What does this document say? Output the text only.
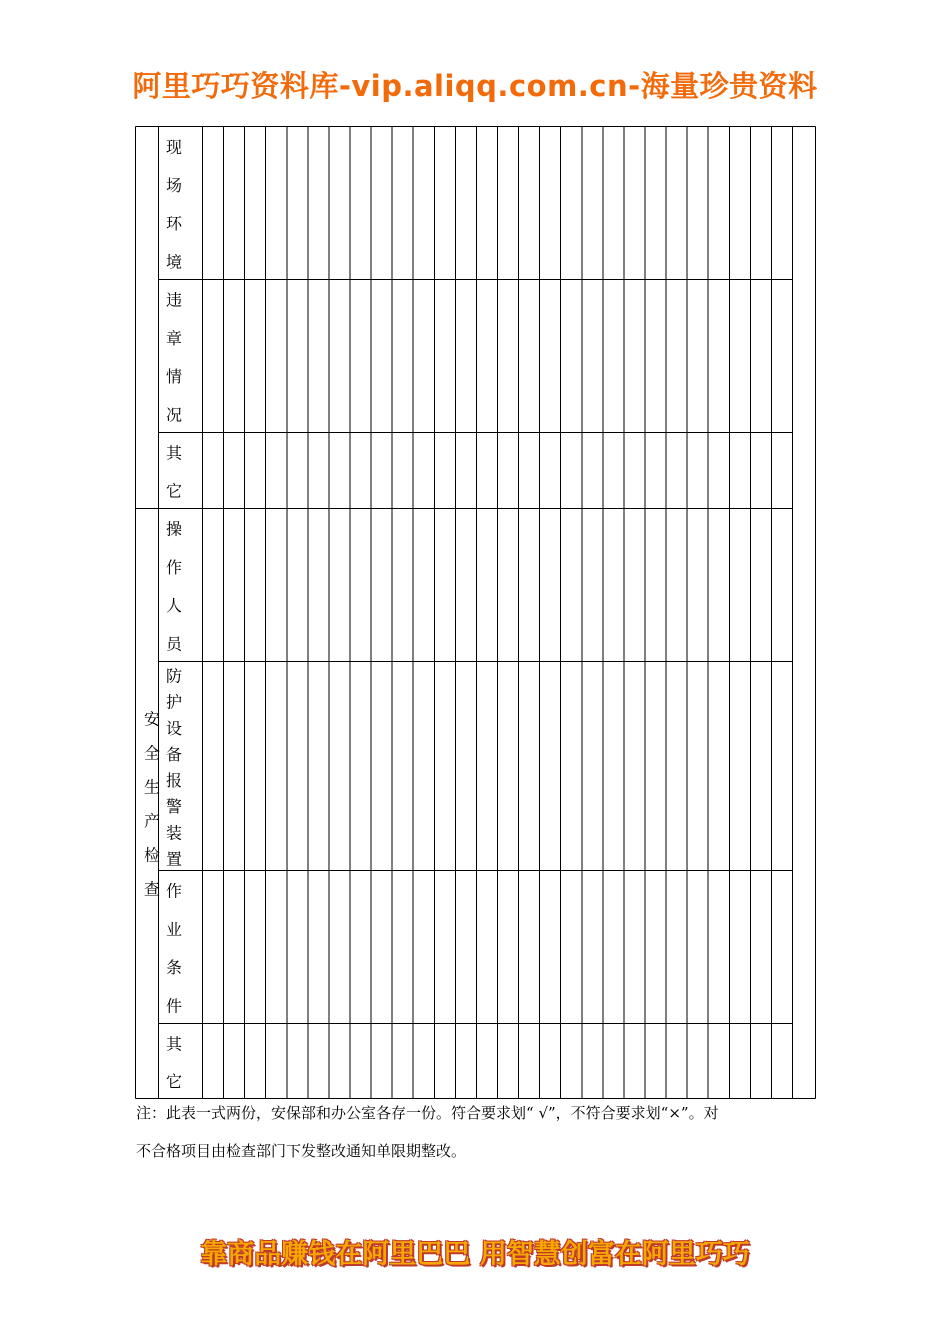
阿里巧巧资料库-vip.aliqq.com.cn-海量珍贵资料
现
场
环
境
违
章
情
况
其
它
安
全
生
产
检
查
操
作
人
员
防
护
设
备
报
警
装
置
作
业
条
件
其
它
注：此表一式两份，安保部和办公室各存一份。符合要求划“ √”，不符合要求划“×”。对
不合格项目由检查部门下发整改通知单限期整改。
靠商品赚钱在阿里巴巴 用智慧创富在阿里巧巧
